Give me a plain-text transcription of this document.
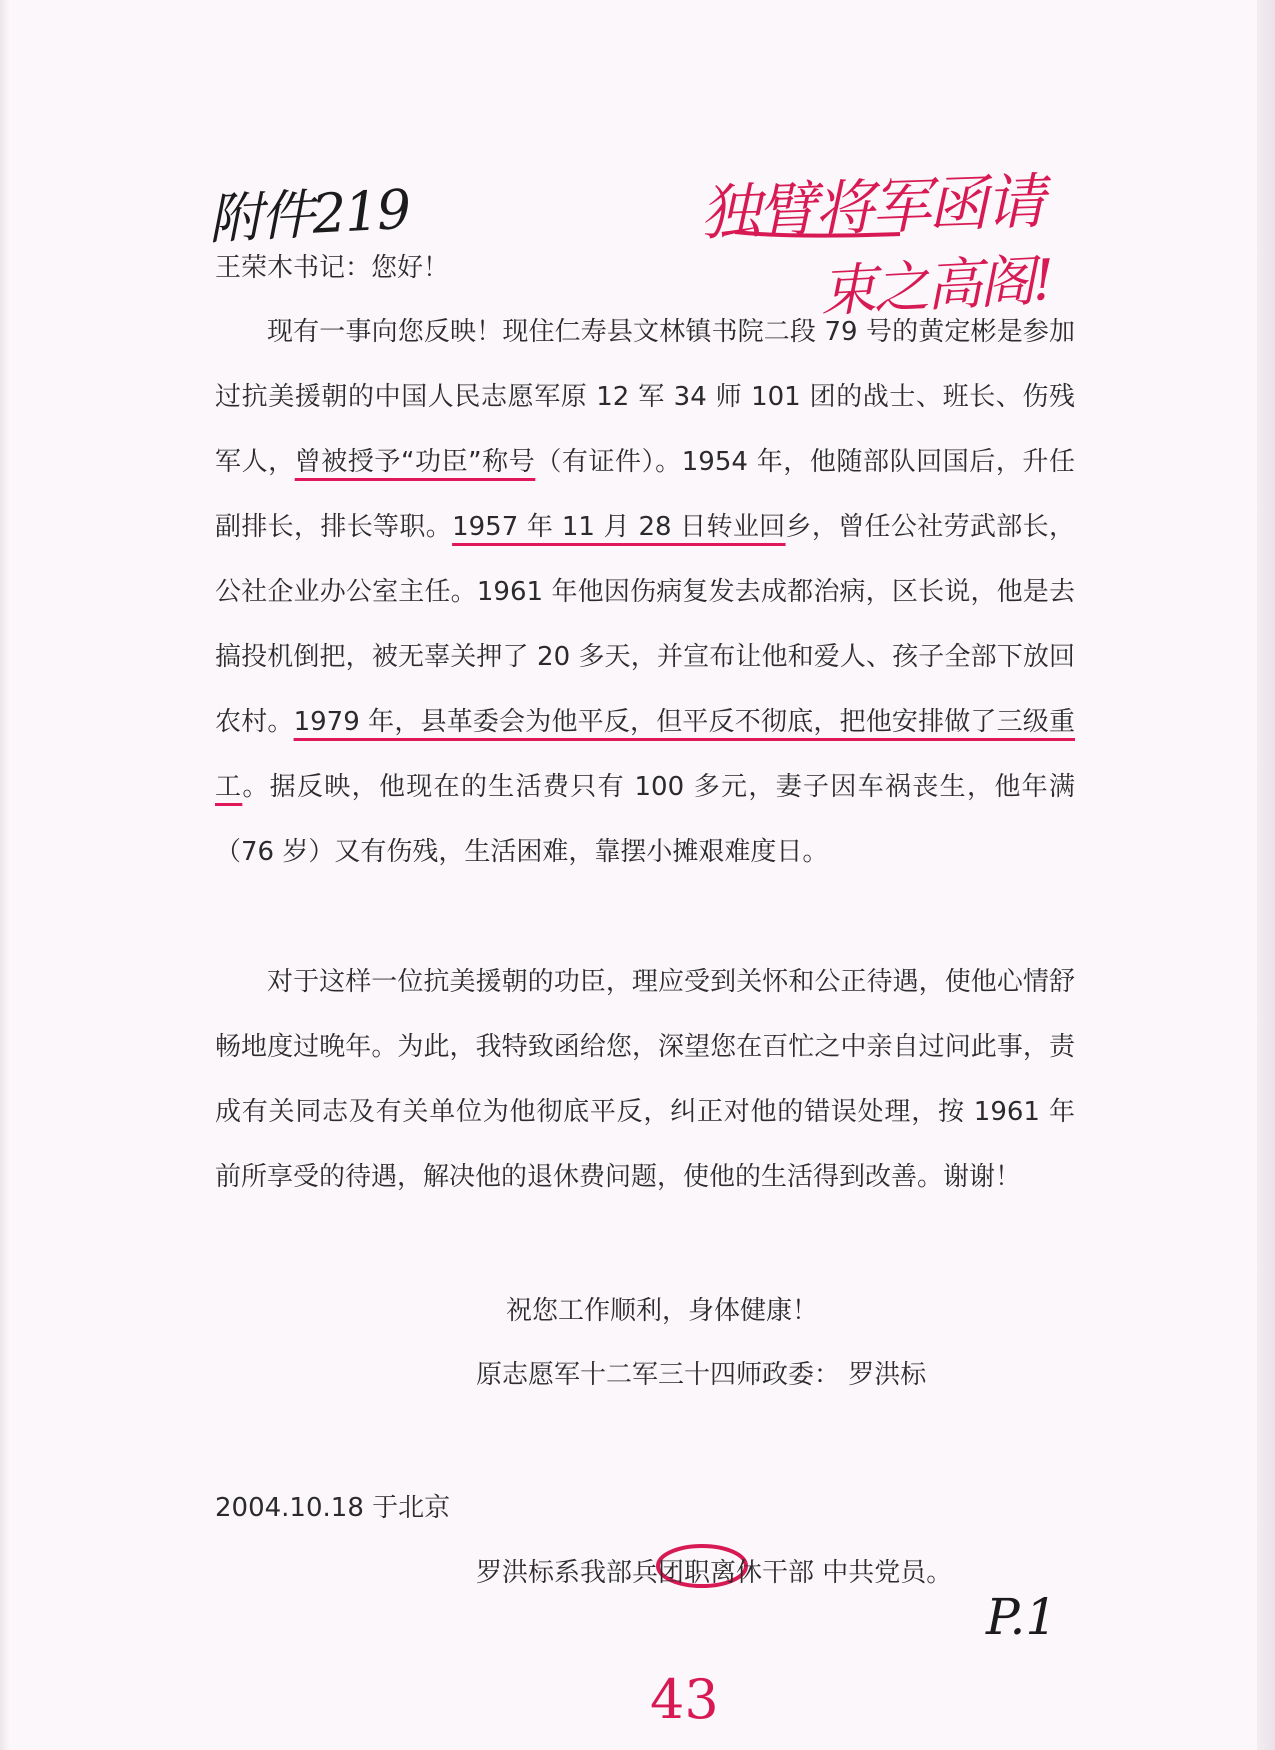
附件219	独臂将军函请
束之高阁!
王荣木书记：您好！

现有一事向您反映！现住仁寿县文林镇书院二段 79 号的黄定彬是参加过抗美援朝的中国人民志愿军原 12 军 34 师 101 团的战士、班长、伤残军人，曾被授予“功臣”称号（有证件）。1954 年，他随部队回国后，升任副排长，排长等职。1957 年 11 月 28 日转业回乡，曾任公社劳武部长，公社企业办公室主任。1961 年他因伤病复发去成都治病，区长说，他是去搞投机倒把，被无辜关押了 20 多天，并宣布让他和爱人、孩子全部下放回农村。1979 年，县革委会为他平反，但平反不彻底，把他安排做了三级重工。据反映，他现在的生活费只有 100 多元，妻子因车祸丧生，他年满（76 岁）又有伤残，生活困难，靠摆小摊艰难度日。

对于这样一位抗美援朝的功臣，理应受到关怀和公正待遇，使他心情舒畅地度过晚年。为此，我特致函给您，深望您在百忙之中亲自过问此事，责成有关同志及有关单位为他彻底平反，纠正对他的错误处理，按 1961 年前所享受的待遇，解决他的退休费问题，使他的生活得到改善。谢谢！

祝您工作顺利，身体健康！
原志愿军十二军三十四师政委： 罗洪标
2004.10.18 于北京
罗洪标系我部兵团职离休干部 中共党员。
P.1
43
